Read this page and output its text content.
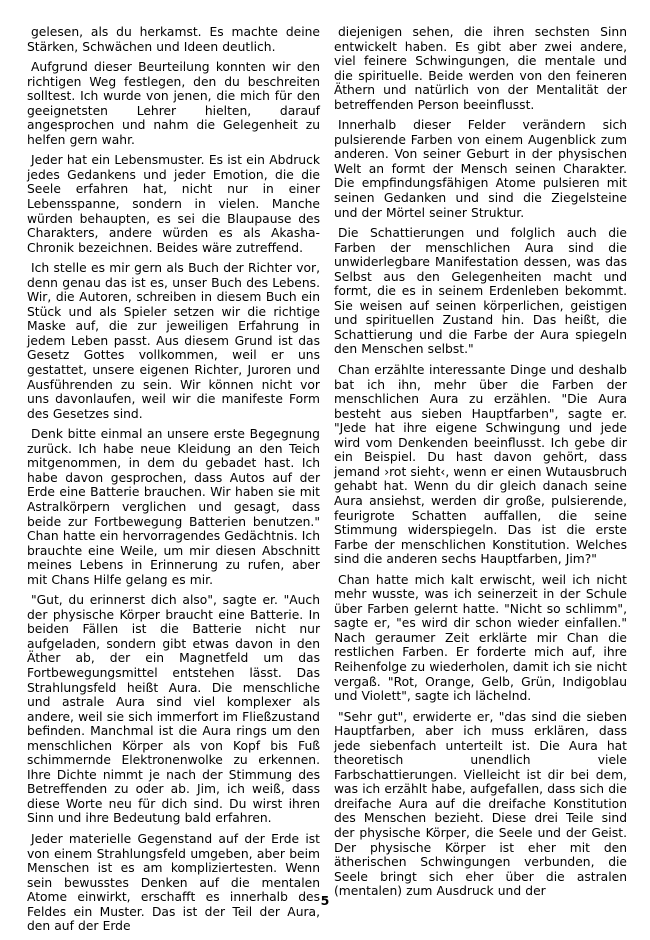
gelesen, als du herkamst. Es machte deine Stärken, Schwächen und Ideen deutlich.

Aufgrund dieser Beurteilung konnten wir den richtigen Weg festlegen, den du beschreiten solltest. Ich wurde von jenen, die mich für den geeignetsten Lehrer hielten, darauf angesprochen und nahm die Gelegenheit zu helfen gern wahr.

Jeder hat ein Lebensmuster. Es ist ein Abdruck jedes Gedankens und jeder Emotion, die die Seele erfahren hat, nicht nur in einer Lebensspanne, sondern in vielen. Manche würden behaupten, es sei die Blaupause des Charakters, andere würden es als Akasha-Chronik bezeichnen. Beides wäre zutreffend.

Ich stelle es mir gern als Buch der Richter vor, denn genau das ist es, unser Buch des Lebens. Wir, die Autoren, schreiben in diesem Buch ein Stück und als Spieler setzen wir die richtige Maske auf, die zur jeweiligen Erfahrung in jedem Leben passt. Aus diesem Grund ist das Gesetz Gottes vollkommen, weil er uns gestattet, unsere eigenen Richter, Juroren und Ausführenden zu sein. Wir können nicht vor uns davonlaufen, weil wir die manifeste Form des Gesetzes sind.

Denk bitte einmal an unsere erste Begegnung zurück. Ich habe neue Kleidung an den Teich mitgenommen, in dem du gebadet hast. Ich habe davon gesprochen, dass Autos auf der Erde eine Batterie brauchen. Wir haben sie mit Astralkörpern verglichen und gesagt, dass beide zur Fortbewegung Batterien benutzen." Chan hatte ein hervorragendes Gedächtnis. Ich brauchte eine Weile, um mir diesen Abschnitt meines Lebens in Erinnerung zu rufen, aber mit Chans Hilfe gelang es mir.

"Gut, du erinnerst dich also", sagte er. "Auch der physische Körper braucht eine Batterie. In beiden Fällen ist die Batterie nicht nur aufgeladen, sondern gibt etwas davon in den Äther ab, der ein Magnetfeld um das Fortbewegungsmittel entstehen lässt. Das Strahlungsfeld heißt Aura. Die menschliche und astrale Aura sind viel komplexer als andere, weil sie sich immerfort im Fließzustand befinden. Manchmal ist die Aura rings um den menschlichen Körper als von Kopf bis Fuß schimmernde Elektronenwolke zu erkennen. Ihre Dichte nimmt je nach der Stimmung des Betreffenden zu oder ab. Jim, ich weiß, dass diese Worte neu für dich sind. Du wirst ihren Sinn und ihre Bedeutung bald erfahren.

Jeder materielle Gegenstand auf der Erde ist von einem Strahlungsfeld umgeben, aber beim Menschen ist es am kompliziertesten. Wenn sein bewusstes Denken auf die mentalen Atome einwirkt, erschafft es innerhalb des Feldes ein Muster. Das ist der Teil der Aura, den auf der Erde

diejenigen sehen, die ihren sechsten Sinn entwickelt haben. Es gibt aber zwei andere, viel feinere Schwingungen, die mentale und die spirituelle. Beide werden von den feineren Äthern und natürlich von der Mentalität der betreffenden Person beeinflusst.

Innerhalb dieser Felder verändern sich pulsierende Farben von einem Augenblick zum anderen. Von seiner Geburt in der physischen Welt an formt der Mensch seinen Charakter. Die empfindungsfähigen Atome pulsieren mit seinen Gedanken und sind die Ziegelsteine und der Mörtel seiner Struktur.

Die Schattierungen und folglich auch die Farben der menschlichen Aura sind die unwiderlegbare Manifestation dessen, was das Selbst aus den Gelegenheiten macht und formt, die es in seinem Erdenleben bekommt. Sie weisen auf seinen körperlichen, geistigen und spirituellen Zustand hin. Das heißt, die Schattierung und die Farbe der Aura spiegeln den Menschen selbst."

Chan erzählte interessante Dinge und deshalb bat ich ihn, mehr über die Farben der menschlichen Aura zu erzählen. "Die Aura besteht aus sieben Hauptfarben", sagte er. "Jede hat ihre eigene Schwingung und jede wird vom Denkenden beeinflusst. Ich gebe dir ein Beispiel. Du hast davon gehört, dass jemand ›rot sieht‹, wenn er einen Wutausbruch gehabt hat. Wenn du dir gleich danach seine Aura ansiehst, werden dir große, pulsierende, feurigrote Schatten auffallen, die seine Stimmung widerspiegeln. Das ist die erste Farbe der menschlichen Konstitution. Welches sind die anderen sechs Hauptfarben, Jim?"

Chan hatte mich kalt erwischt, weil ich nicht mehr wusste, was ich seinerzeit in der Schule über Farben gelernt hatte. "Nicht so schlimm", sagte er, "es wird dir schon wieder einfallen." Nach geraumer Zeit erklärte mir Chan die restlichen Farben. Er forderte mich auf, ihre Reihenfolge zu wiederholen, damit ich sie nicht vergaß. "Rot, Orange, Gelb, Grün, Indigoblau und Violett", sagte ich lächelnd.

"Sehr gut", erwiderte er, "das sind die sieben Hauptfarben, aber ich muss erklären, dass jede siebenfach unterteilt ist. Die Aura hat theoretisch unendlich viele Farbschattierungen. Vielleicht ist dir bei dem, was ich erzählt habe, aufgefallen, dass sich die dreifache Aura auf die dreifache Konstitution des Menschen bezieht. Diese drei Teile sind der physische Körper, die Seele und der Geist. Der physische Körper ist eher mit den ätherischen Schwingungen verbunden, die Seele bringt sich eher über die astralen (mentalen) zum Ausdruck und der

5
